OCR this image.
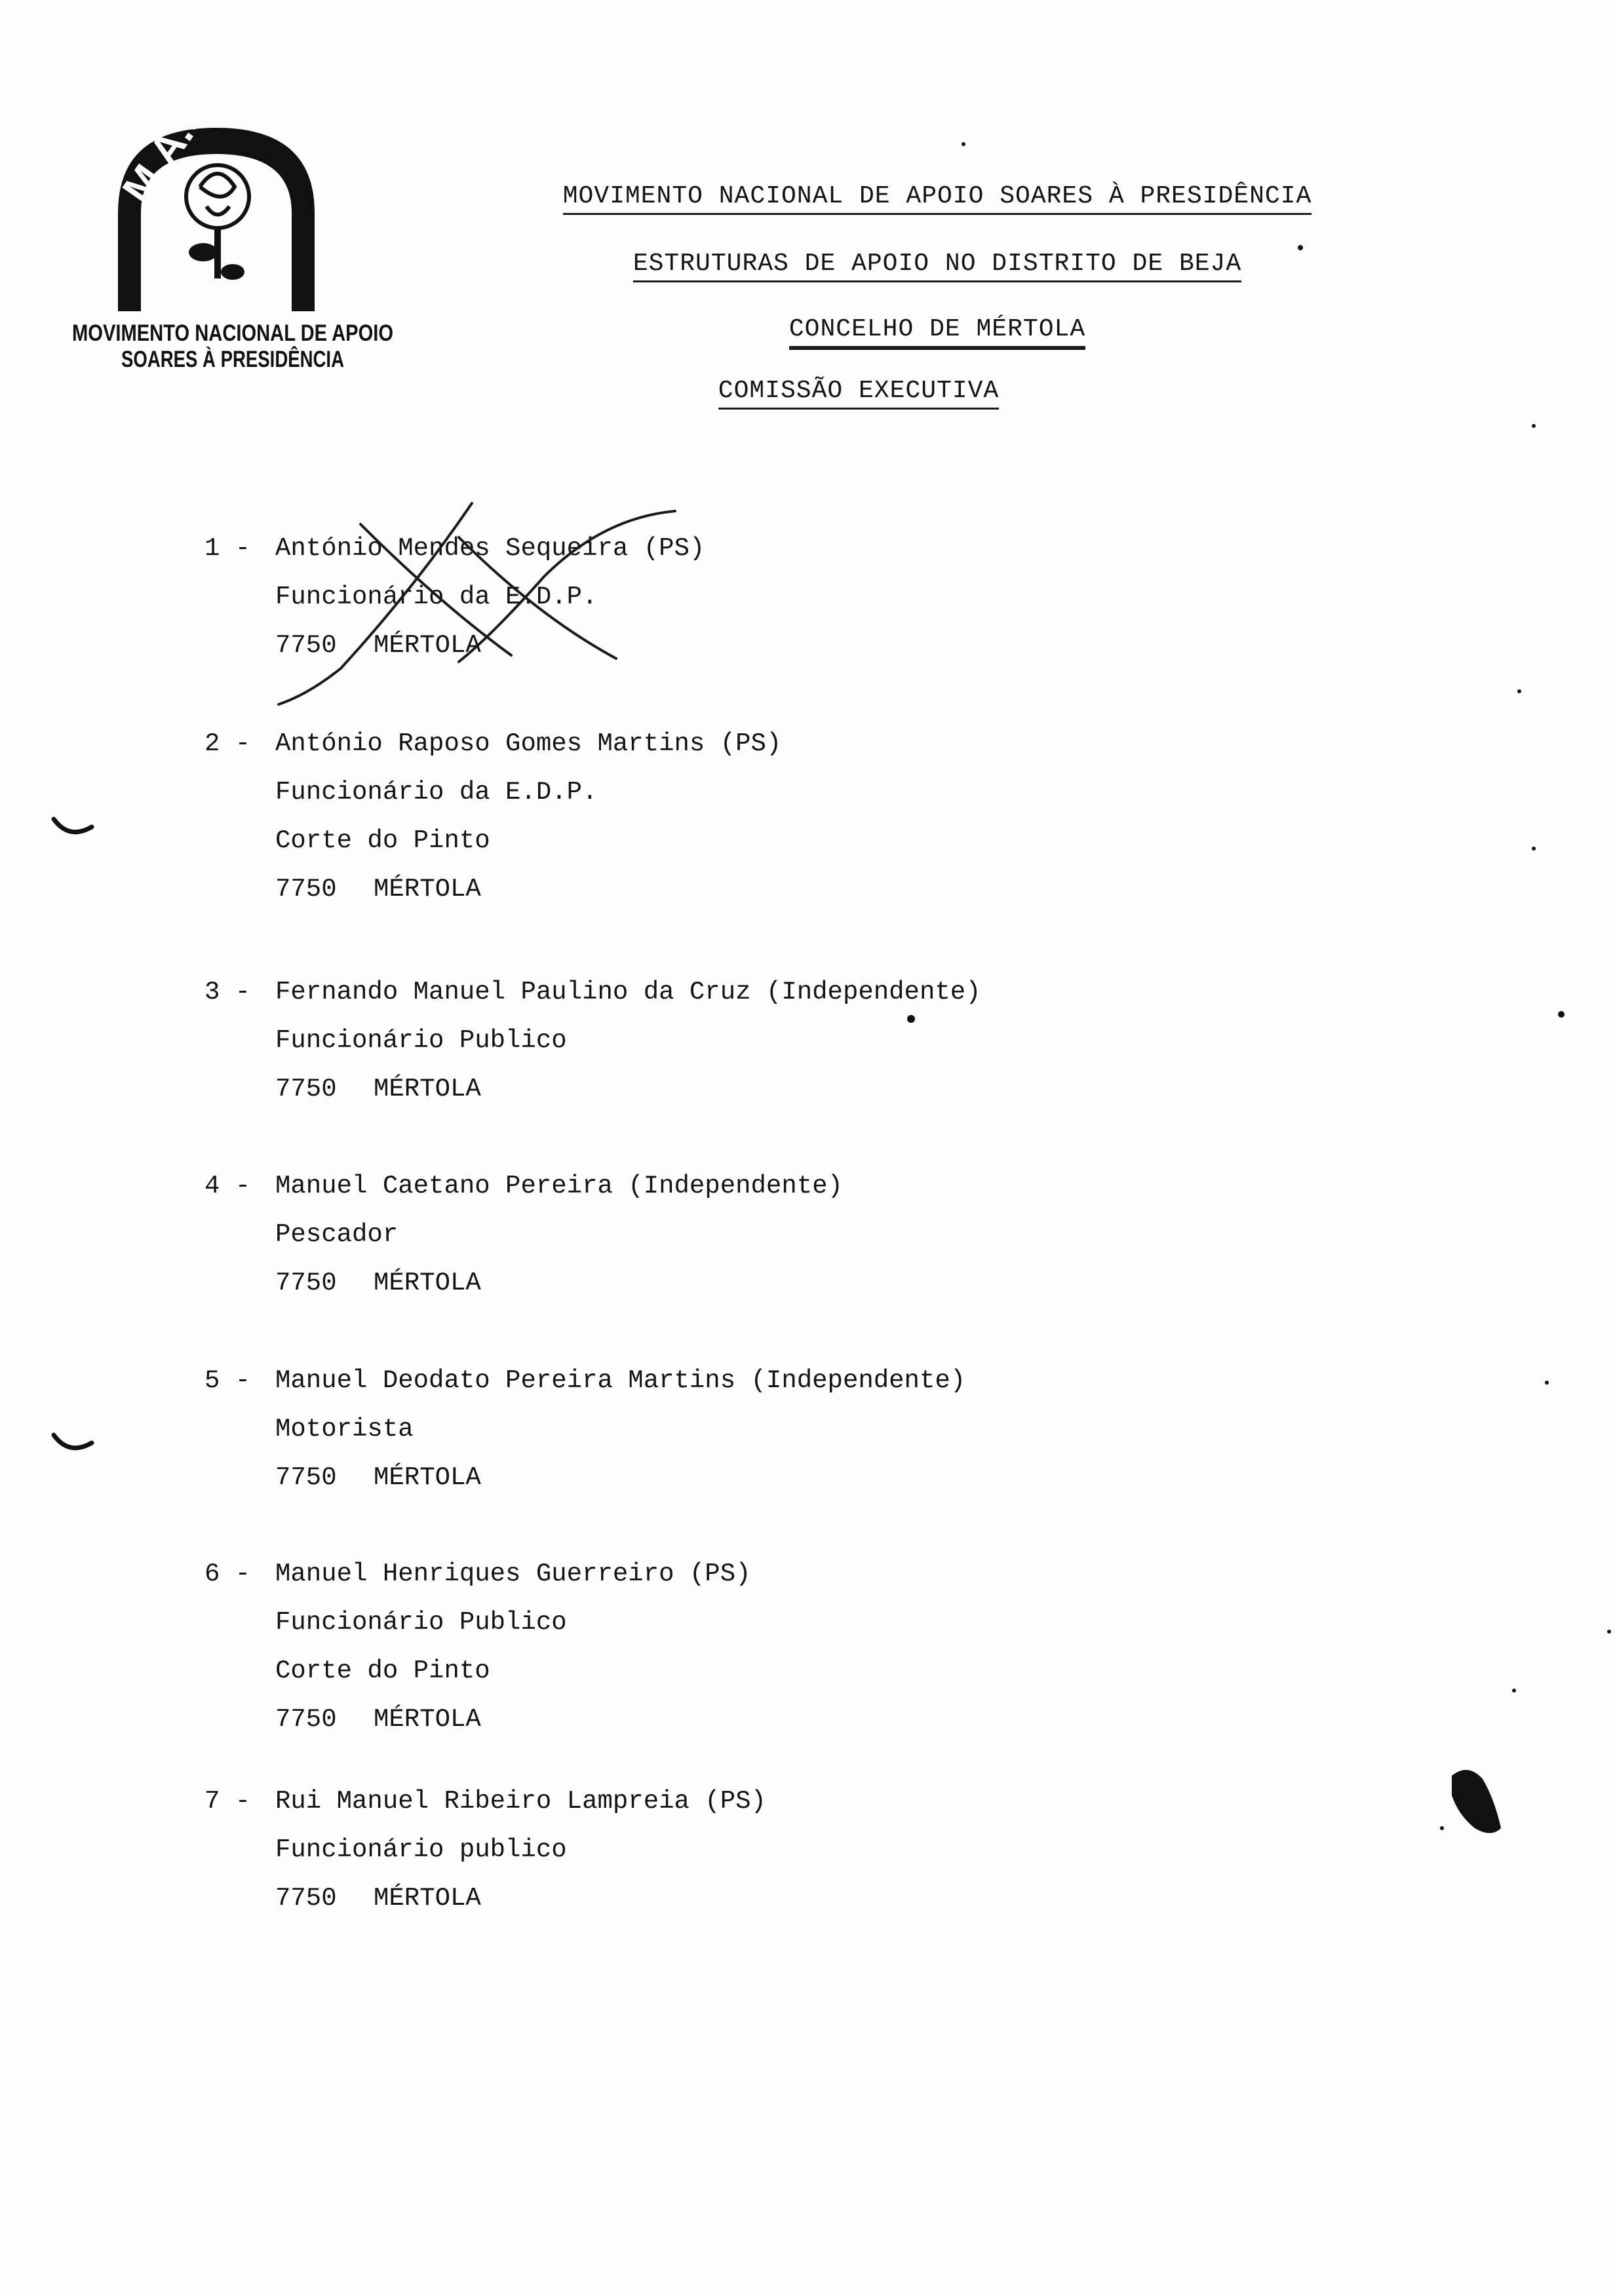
M.A.S.P.
MOVIMENTO NACIONAL DE APOIO
SOARES À PRESIDÊNCIA
MOVIMENTO NACIONAL DE APOIO SOARES À PRESIDÊNCIA
ESTRUTURAS DE APOIO NO DISTRITO DE BEJA
CONCELHO DE MÉRTOLA
COMISSÃO EXECUTIVA
1 - António Mendes Sequeira (PS)
Funcionário da E.D.P.
7750 MÉRTOLA
2 - António Raposo Gomes Martins (PS)
Funcionário da E.D.P.
Corte do Pinto
7750 MÉRTOLA
3 - Fernando Manuel Paulino da Cruz (Independente)
Funcionário Publico
7750 MÉRTOLA
4 - Manuel Caetano Pereira (Independente)
Pescador
7750 MÉRTOLA
5 - Manuel Deodato Pereira Martins (Independente)
Motorista
7750 MÉRTOLA
6 - Manuel Henriques Guerreiro (PS)
Funcionário Publico
Corte do Pinto
7750 MÉRTOLA
7 - Rui Manuel Ribeiro Lampreia (PS)
Funcionário publico
7750 MÉRTOLA
